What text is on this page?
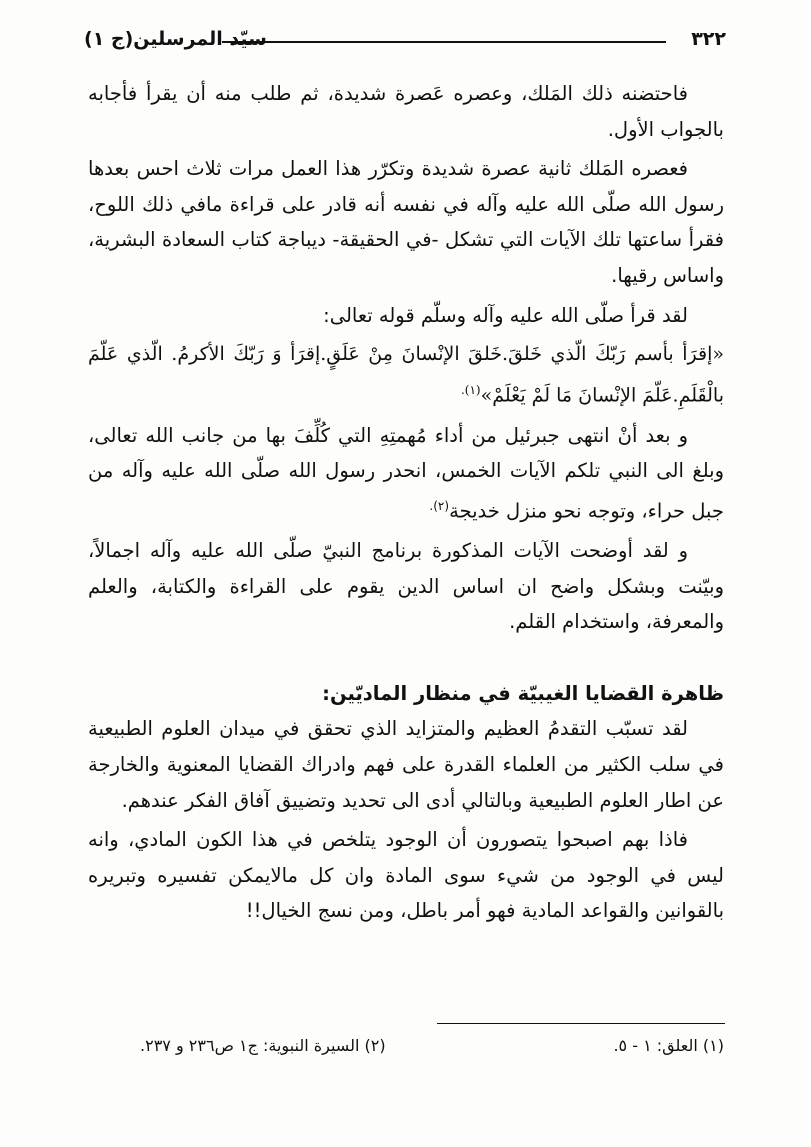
٣٢٢
سيّد المرسلين(ج ١)

فاحتضنه ذلك المَلك، وعصره عَصرة شديدة، ثم طلب منه أن يقرأ فأجابه بالجواب الأول.

فعصره المَلك ثانية عصرة شديدة وتكرّر هذا العمل مرات ثلاث احس بعدها رسول الله صلّى الله عليه وآله في نفسه أنه قادر على قراءة مافي ذلك اللوح، فقرأ ساعتها تلك الآيات التي تشكل -في الحقيقة- ديباجة كتاب السعادة البشرية، واساس رقيها.

لقد قرأ صلّى الله عليه وآله وسلّم قوله تعالى:

«إقرَأ بأسم رَبّكَ الّذي خَلقَ.خَلقَ الإنْسانَ مِنْ عَلَقٍ.إقرَأ وَ رَبّكَ الأكرمُ. الّذي عَلّمَ بالْقَلَمِ.عَلّمَ الإنْسانَ مَا لَمْ يَعْلَمْ»$^{(١).}$

و بعد أنْ انتهى جبرئيل من أداء مُهمتِهِ التي كُلِّفَ بها من جانب الله تعالى، وبلغ الى النبي تلكم الآيات الخمس، انحدر رسول الله صلّى الله عليه وآله من جبل حراء، وتوجه نحو منزل خديجة$^{(٢).}$

و لقد أوضحت الآيات المذكورة برنامج النبيّ صلّى الله عليه وآله اجمالاً، وبيّنت وبشكل واضح ان اساس الدين يقوم على القراءة والكتابة، والعلم والمعرفة، واستخدام القلم.

ظاهرة القضايا الغيبيّة في منظار الماديّين:

لقد تسبّب التقدمُ العظيم والمتزايد الذي تحقق في ميدان العلوم الطبيعية في سلب الكثير من العلماء القدرة على فهم وادراك القضايا المعنوية والخارجة عن اطار العلوم الطبيعية وبالتالي أدى الى تحديد وتضييق آفاق الفكر عندهم.

فاذا بهم اصبحوا يتصورون أن الوجود يتلخص في هذا الكون المادي، وانه ليس في الوجود من شيء سوى المادة وان كل مالايمكن تفسيره وتبريره بالقوانين والقواعد المادية فهو أمر باطل، ومن نسج الخيال!!

(١) العلق: ١ - ٥.
(٢) السيرة النبوية: ج١ ص٢٣٦ و ٢٣٧.
